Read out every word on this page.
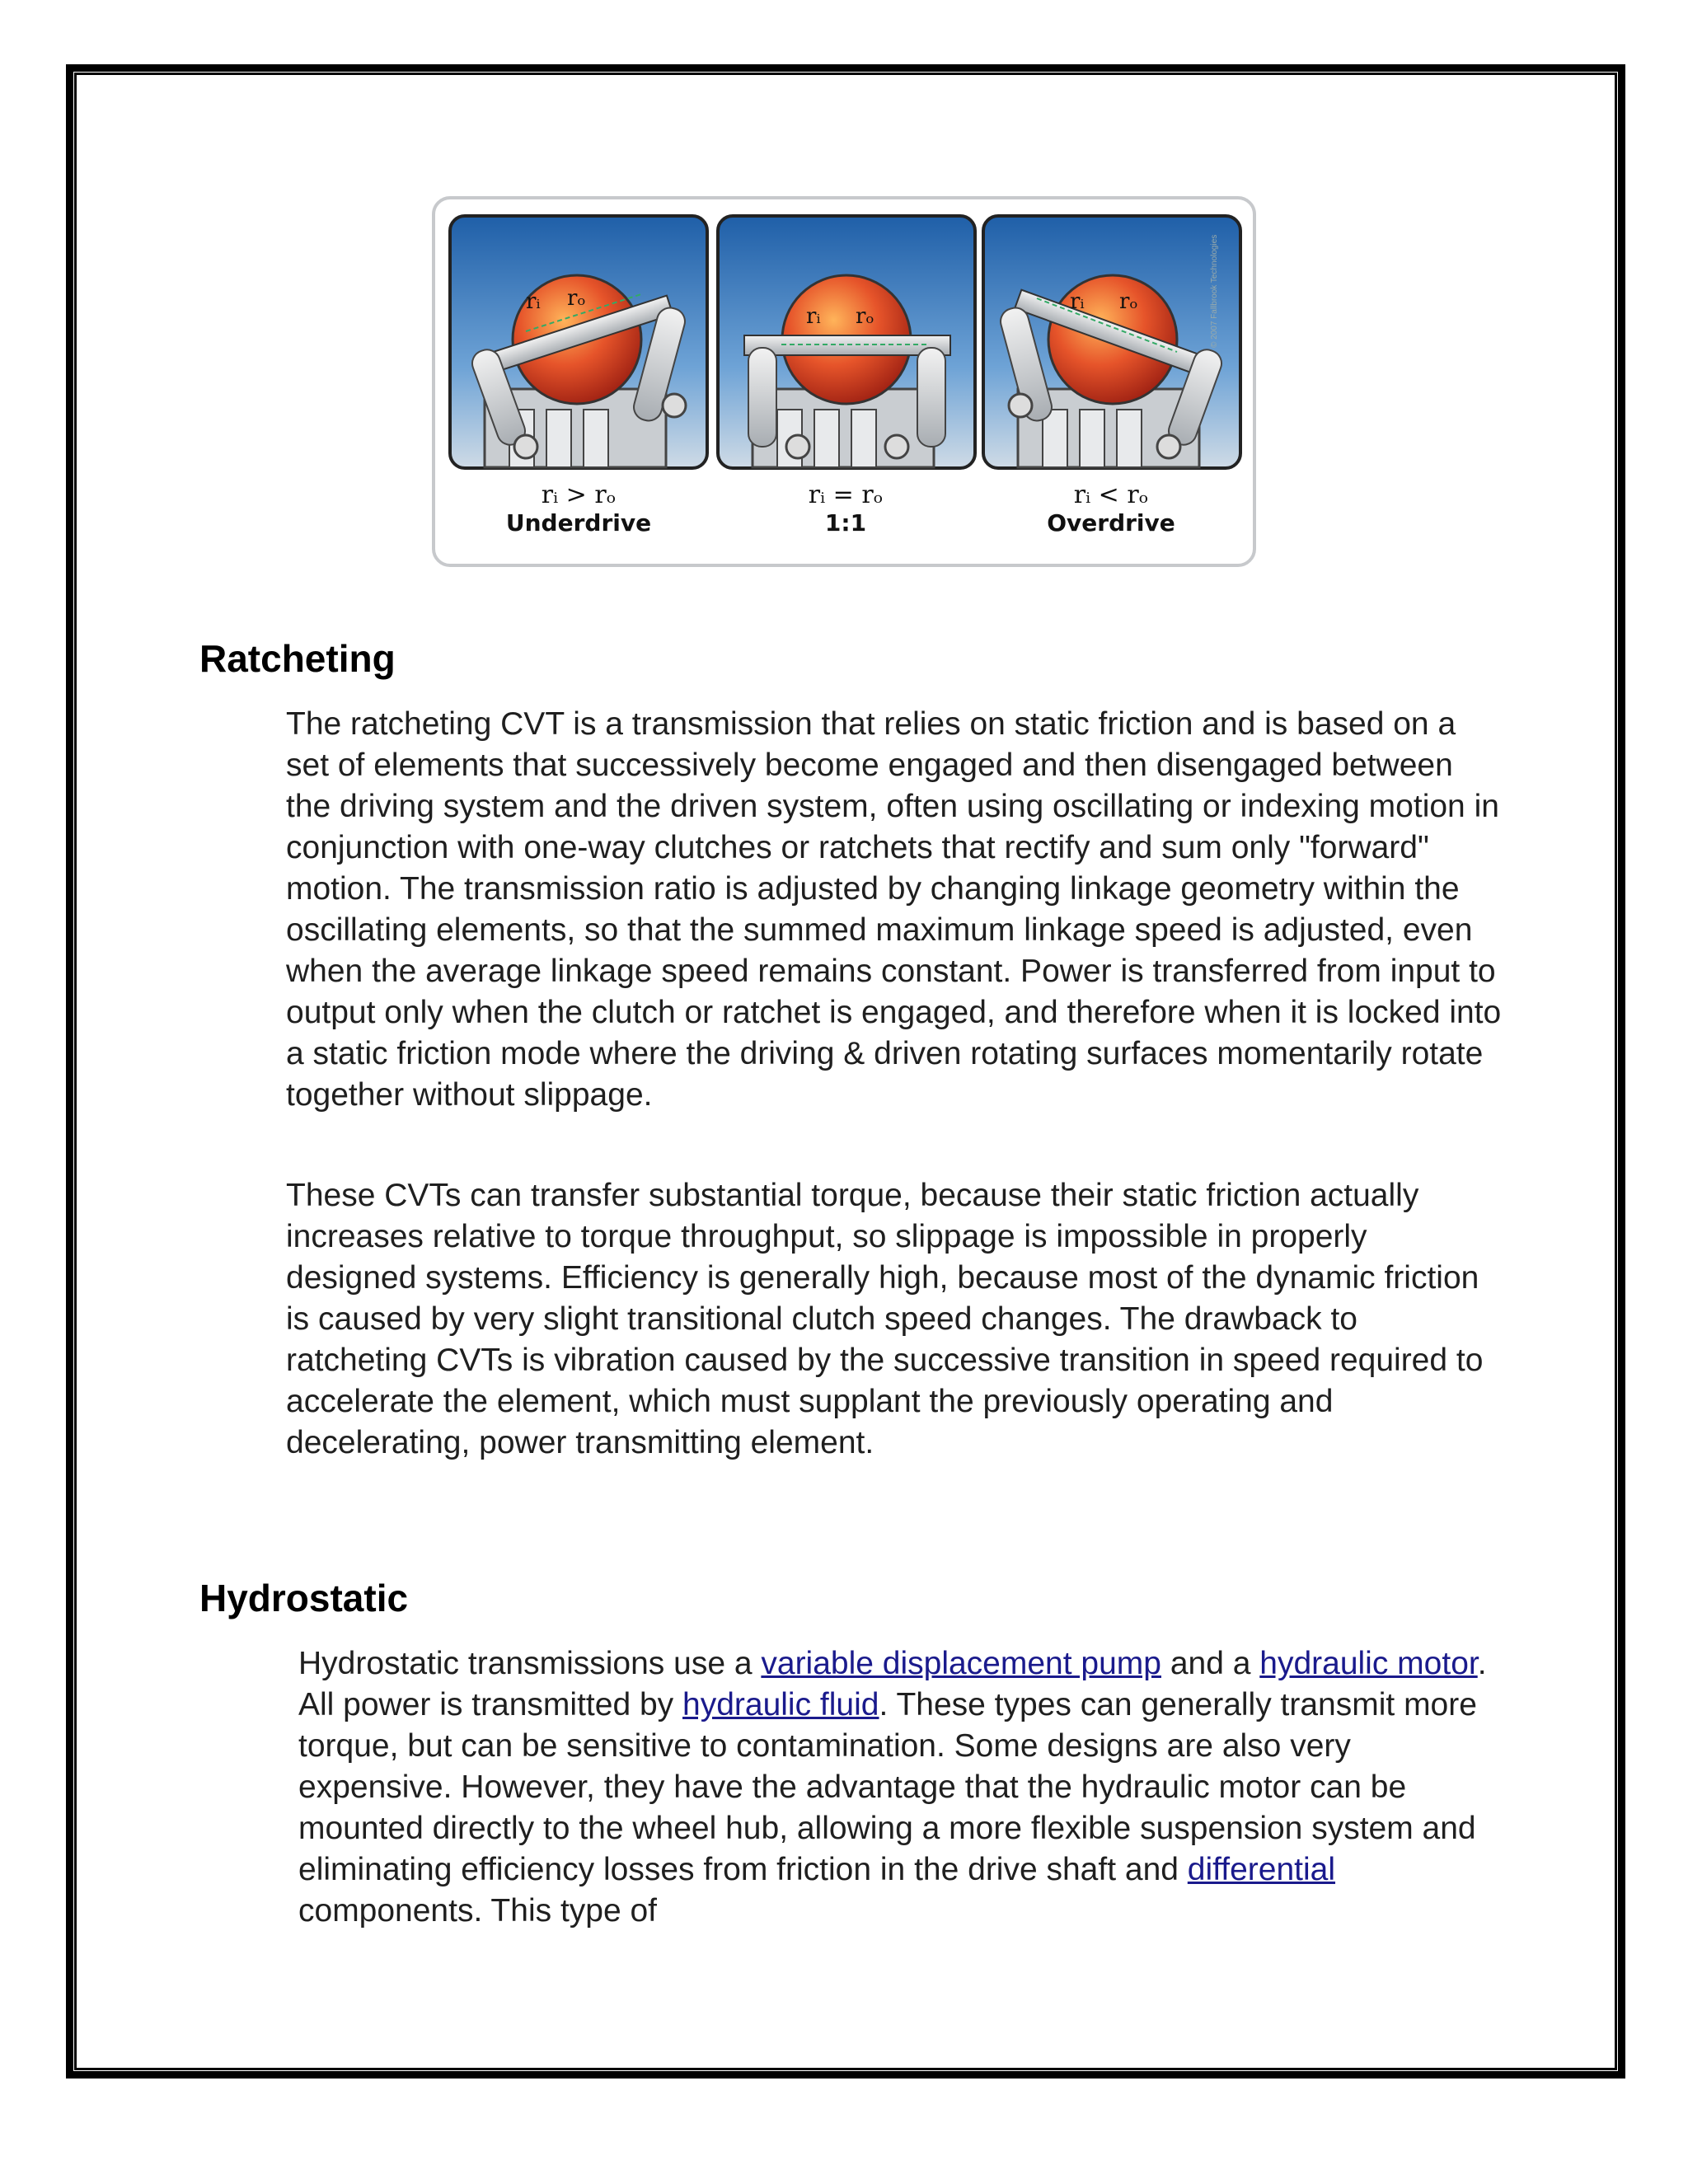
rᵢ rₒ
rᵢ rₒ
rᵢ rₒ
rᵢ > rₒ
Underdrive
rᵢ = rₒ
1:1
rᵢ < rₒ
Overdrive
© 2007 Fallbrook Technologies
Ratcheting

The ratcheting CVT is a transmission that relies on static friction and is based on a set of elements that successively become engaged and then disengaged between the driving system and the driven system, often using oscillating or indexing motion in conjunction with one-way clutches or ratchets that rectify and sum only "forward" motion. The transmission ratio is adjusted by changing linkage geometry within the oscillating elements, so that the summed maximum linkage speed is adjusted, even when the average linkage speed remains constant. Power is transferred from input to output only when the clutch or ratchet is engaged, and therefore when it is locked into a static friction mode where the driving & driven rotating surfaces momentarily rotate together without slippage.

These CVTs can transfer substantial torque, because their static friction actually increases relative to torque throughput, so slippage is impossible in properly designed systems. Efficiency is generally high, because most of the dynamic friction is caused by very slight transitional clutch speed changes. The drawback to ratcheting CVTs is vibration caused by the successive transition in speed required to accelerate the element, which must supplant the previously operating and decelerating, power transmitting element.

Hydrostatic

Hydrostatic transmissions use a variable displacement pump and a hydraulic motor. All power is transmitted by hydraulic fluid. These types can generally transmit more torque, but can be sensitive to contamination. Some designs are also very expensive. However, they have the advantage that the hydraulic motor can be mounted directly to the wheel hub, allowing a more flexible suspension system and eliminating efficiency losses from friction in the drive shaft and differential components. This type of
